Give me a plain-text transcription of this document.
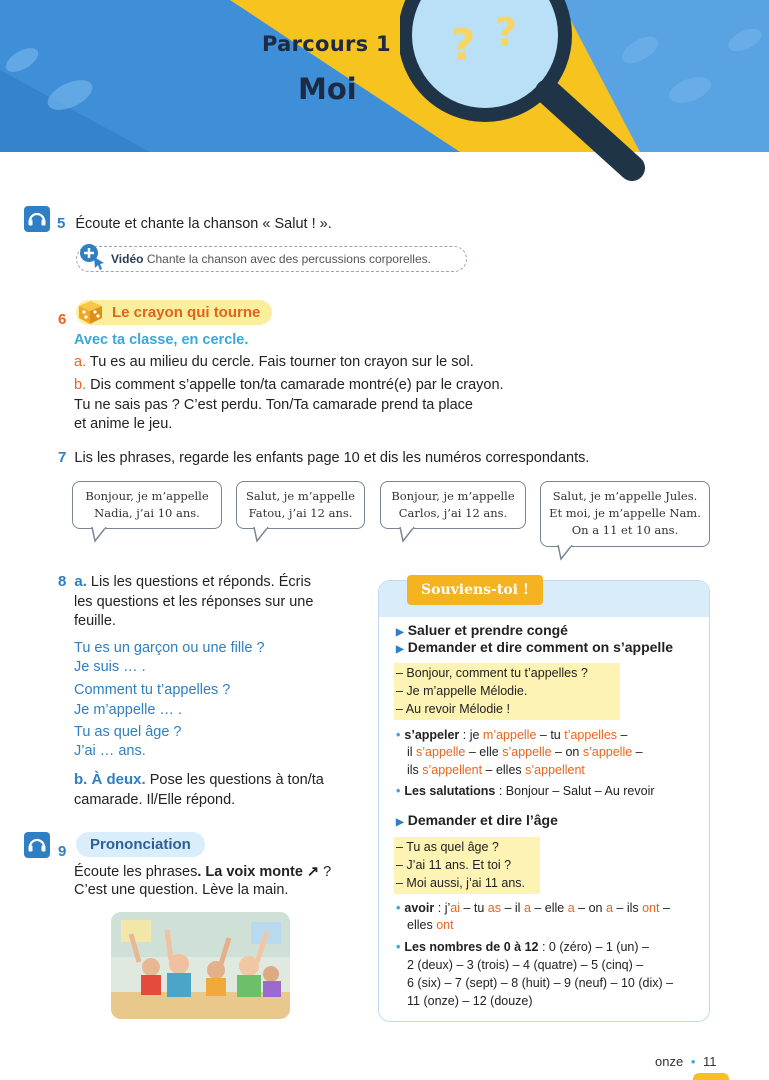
Parcours 1
Moi
? ?
5 Écoute et chante la chanson « Salut ! ».
Vidéo Chante la chanson avec des percussions corporelles.
6	Le crayon qui tourne
Avec ta classe, en cercle.
a. Tu es au milieu du cercle. Fais tourner ton crayon sur le sol.
b. Dis comment s’appelle ton/ta camarade montré(e) par le crayon.
Tu ne sais pas ? C’est perdu. Ton/Ta camarade prend ta place
et anime le jeu.
7 Lis les phrases, regarde les enfants page 10 et dis les numéros correspondants.
Bonjour, je m’appelle
Nadia, j’ai 10 ans.
Salut, je m’appelle
Fatou, j’ai 12 ans.
Bonjour, je m’appelle
Carlos, j’ai 12 ans.
Salut, je m’appelle Jules.
Et moi, je m’appelle Nam.
On a 11 et 10 ans.
8 a. Lis les questions et réponds. Écris
les questions et les réponses sur une
feuille.
Tu es un garçon ou une fille ?
Je suis … .
Comment tu t’appelles ?
Je m’appelle … .
Tu as quel âge ?
J’ai … ans.
b. À deux. Pose les questions à ton/ta
camarade. Il/Elle répond.
9	Prononciation
Écoute les phrases. La voix monte ↗ ?
C’est une question. Lève la main.
Souviens-toi !
▶ Saluer et prendre congé
▶ Demander et dire comment on s’appelle
– Bonjour, comment tu t’appelles ?
– Je m’appelle Mélodie.
– Au revoir Mélodie !
• s’appeler : je m’appelle – tu t’appelles –
il s’appelle – elle s’appelle – on s’appelle –
ils s’appellent – elles s’appellent
• Les salutations : Bonjour – Salut – Au revoir
▶ Demander et dire l’âge
– Tu as quel âge ?
– J’ai 11 ans. Et toi ?
– Moi aussi, j’ai 11 ans.
• avoir : j’ai – tu as – il a – elle a – on a – ils ont –
elles ont
• Les nombres de 0 à 12 : 0 (zéro) – 1 (un) –
2 (deux) – 3 (trois) – 4 (quatre) – 5 (cinq) –
6 (six) – 7 (sept) – 8 (huit) – 9 (neuf) – 10 (dix) –
11 (onze) – 12 (douze)
onze • 11
